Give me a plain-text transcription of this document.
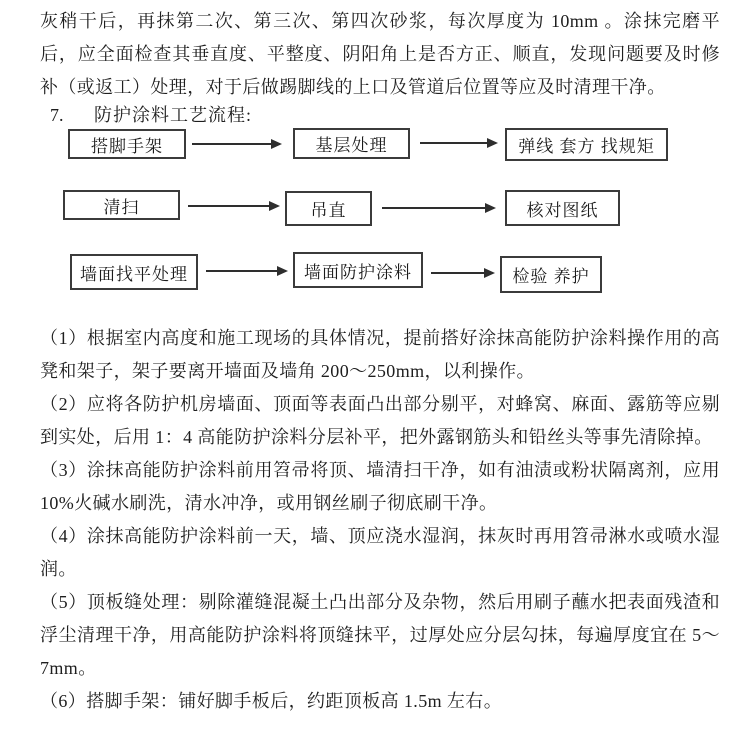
灰稍干后，再抹第二次、第三次、第四次砂浆，每次厚度为 10mm 。涂抹完磨平后，应全面检查其垂直度、平整度、阴阳角上是否方正、顺直，发现问题要及时修补（或返工）处理，对于后做踢脚线的上口及管道后位置等应及时清理干净。

7. 防护涂料工艺流程:
搭脚手架	基层处理	弹线 套方 找规矩
清扫	吊直	核对图纸
墙面找平处理	墙面防护涂料	检验 养护

（1）根据室内高度和施工现场的具体情况，提前搭好涂抹高能防护涂料操作用的高凳和架子，架子要离开墙面及墙角 200～250mm，以利操作。

（2）应将各防护机房墙面、顶面等表面凸出部分剔平，对蜂窝、麻面、露筋等应剔到实处，后用 1：4 高能防护涂料分层补平，把外露钢筋头和铅丝头等事先清除掉。

（3）涂抹高能防护涂料前用笤帚将顶、墙清扫干净，如有油渍或粉状隔离剂，应用 10%火碱水刷洗，清水冲净，或用钢丝刷子彻底刷干净。

（4）涂抹高能防护涂料前一天，墙、顶应浇水湿润，抹灰时再用笤帚淋水或喷水湿润。

（5）顶板缝处理：剔除灌缝混凝土凸出部分及杂物，然后用刷子蘸水把表面残渣和浮尘清理干净，用高能防护涂料将顶缝抹平，过厚处应分层勾抹，每遍厚度宜在 5～7mm。

（6）搭脚手架：铺好脚手板后，约距顶板高 1.5m 左右。
